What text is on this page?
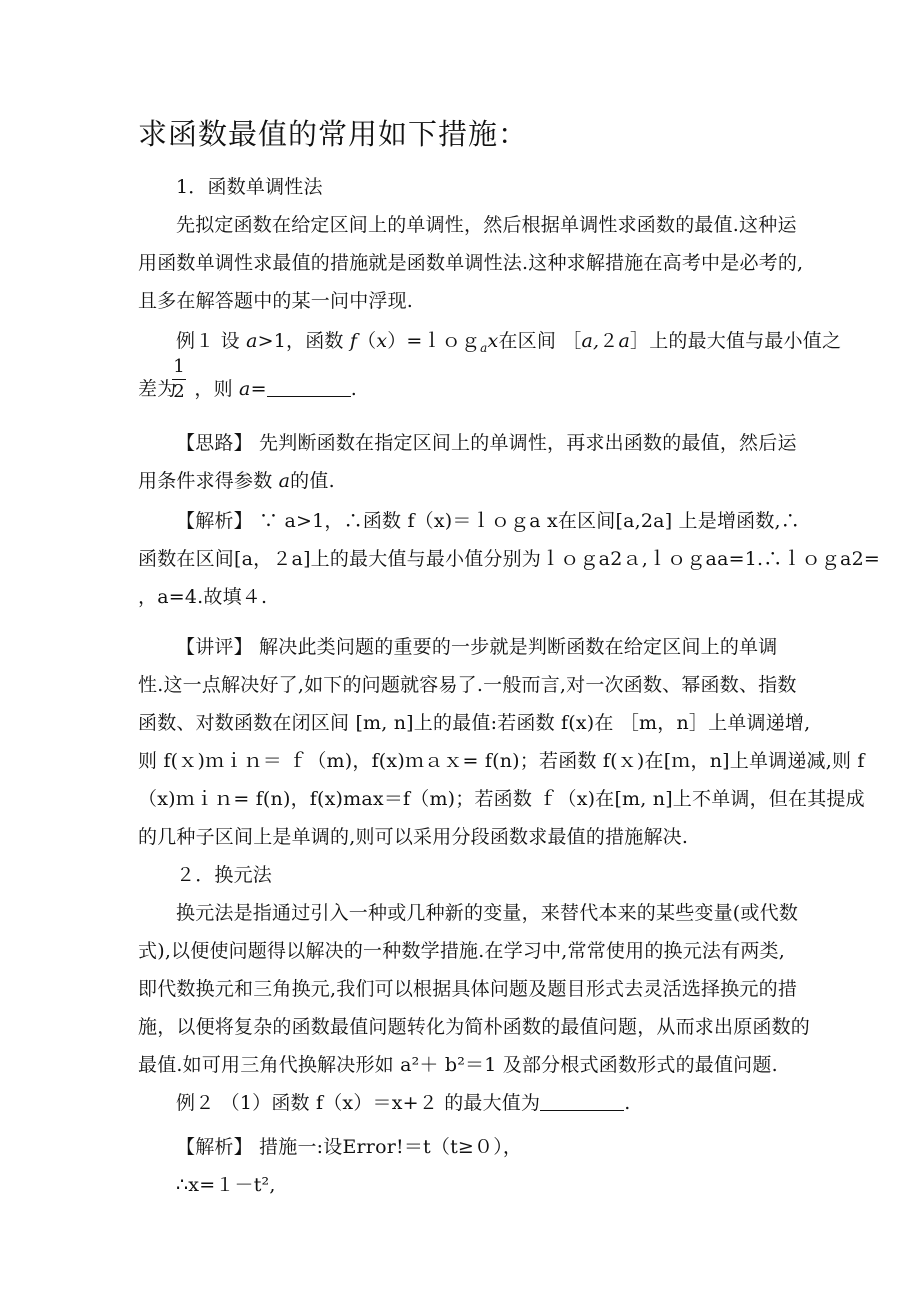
求函数最值的常用如下措施：
1．函数单调性法
先拟定函数在给定区间上的单调性，然后根据单调性求函数的最值.这种运
用函数单调性求最值的措施就是函数单调性法.这种求解措施在高考中是必考的,
且多在解答题中的某一问中浮现.
例１ 设 a>1，函数 f（x）=ｌｏｇ$_a$x在区间 ［a,２a］上的最大值与最小值之
差为 ，则 a=	.
1
2
【思路】 先判断函数在指定区间上的单调性，再求出函数的最值，然后运
用条件求得参数 a的值.
【解析】 ∵ a>1，∴函数 f（x)＝ｌｏｇa x在区间[a,2a] 上是增函数,∴
函数在区间[a，２a]上的最大值与最小值分别为ｌｏｇa2ａ,ｌｏｇaa=1.∴ｌｏｇa2=
，a=4.故填４.
【讲评】 解决此类问题的重要的一步就是判断函数在给定区间上的单调
性.这一点解决好了,如下的问题就容易了.一般而言,对一次函数、幂函数、指数
函数、对数函数在闭区间 [m, n]上的最值:若函数 f(x)在 ［m，n］上单调递增,
则 f(ｘ)ｍｉｎ＝ ｆ（m)，f(x)ｍａｘ= f(n)；若函数 f(ｘ)在[ｍ，n]上单调递减,则 f
（x)ｍｉｎ= f(n)，f(x)max＝f（m)；若函数 ｆ（x)在[m, n]上不单调，但在其提成
的几种子区间上是单调的,则可以采用分段函数求最值的措施解决.
２．换元法
换元法是指通过引入一种或几种新的变量，来替代本来的某些变量(或代数
式),以便使问题得以解决的一种数学措施.在学习中,常常使用的换元法有两类,
即代数换元和三角换元,我们可以根据具体问题及题目形式去灵活选择换元的措
施，以便将复杂的函数最值问题转化为简朴函数的最值问题，从而求出原函数的
最值.如可用三角代换解决形如 a²＋ b²＝1 及部分根式函数形式的最值问题.
例２ （1）函数 f（x）＝x+２ 的最大值为	.
【解析】 措施一:设Error!＝t（t≥０），
∴x=１－t²,
